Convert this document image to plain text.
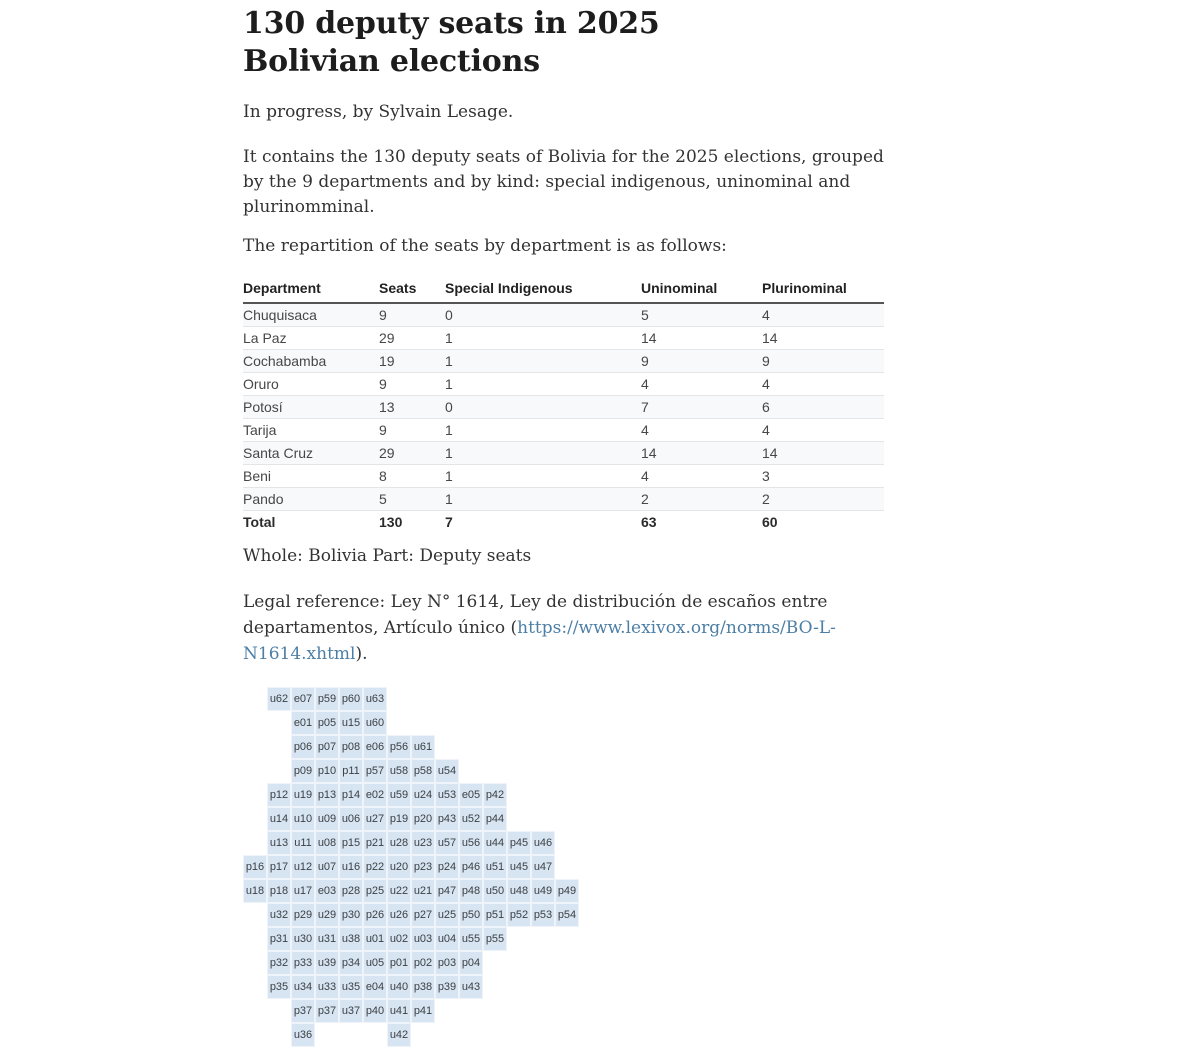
130 deputy seats in 2025 Bolivian elections

In progress, by Sylvain Lesage.

It contains the 130 deputy seats of Bolivia for the 2025 elections, grouped by the 9 departments and by kind: special indigenous, uninominal and plurinomminal.

The repartition of the seats by department is as follows:

Department	Seats	Special Indigenous	Uninominal	Plurinominal
Chuquisaca	9	0	5	4
La Paz	29	1	14	14
Cochabamba	19	1	9	9
Oruro	9	1	4	4
Potosí	13	0	7	6
Tarija	9	1	4	4
Santa Cruz	29	1	14	14
Beni	8	1	4	3
Pando	5	1	2	2
Total	130	7	63	60

Whole: Bolivia Part: Deputy seats

Legal reference: Ley N° 1614, Ley de distribución de escaños entre departamentos, Artículo único (https://www.lexivox.org/norms/BO-L-N1614.xhtml).

u62 e07 p59 p60 u63
e01 p05 u15 u60
p06 p07 p08 e06 p56 u61
p09 p10 p11 p57 u58 p58 u54
p12 u19 p13 p14 e02 u59 u24 u53 e05 p42
u14 u10 u09 u06 u27 p19 p20 p43 u52 p44
u13 u11 u08 p15 p21 u28 u23 u57 u56 u44 p45 u46
p16 p17 u12 u07 u16 p22 u20 p23 p24 p46 u51 u45 u47
u18 p18 u17 e03 p28 p25 u22 u21 p47 p48 u50 u48 u49 p49
u32 p29 u29 p30 p26 u26 p27 u25 p50 p51 p52 p53 p54
p31 u30 u31 u38 u01 u02 u03 u04 u55 p55
p32 p33 u39 p34 u05 p01 p02 p03 p04
p35 u34 u33 u35 e04 u40 p38 p39 u43
p37 p37 u37 p40 u41 p41
u36	u42
